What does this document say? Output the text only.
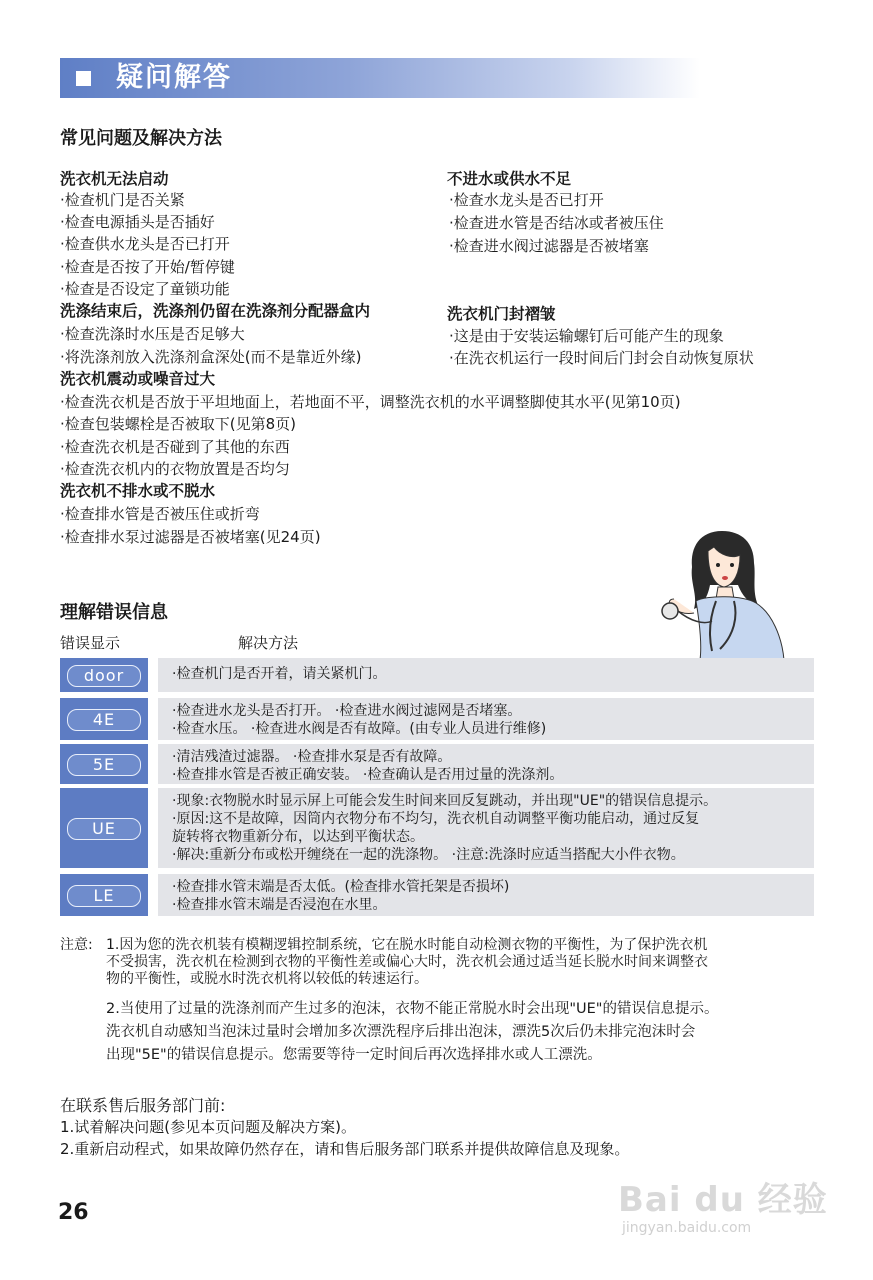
疑问解答
常见问题及解决方法
洗衣机无法启动
·检查机门是否关紧
·检查电源插头是否插好
·检查供水龙头是否已打开
·检查是否按了开始/暂停键
·检查是否设定了童锁功能
洗涤结束后，洗涤剂仍留在洗涤剂分配器盒内
·检查洗涤时水压是否足够大
·将洗涤剂放入洗涤剂盒深处(而不是靠近外缘)
洗衣机震动或噪音过大
·检查洗衣机是否放于平坦地面上，若地面不平，调整洗衣机的水平调整脚使其水平(见第10页)
·检查包装螺栓是否被取下(见第8页)
·检查洗衣机是否碰到了其他的东西
·检查洗衣机内的衣物放置是否均匀
洗衣机不排水或不脱水
·检查排水管是否被压住或折弯
·检查排水泵过滤器是否被堵塞(见24页)
不进水或供水不足
·检查水龙头是否已打开
·检查进水管是否结冰或者被压住
·检查进水阀过滤器是否被堵塞
洗衣机门封褶皱
·这是由于安装运输螺钉后可能产生的现象
·在洗衣机运行一段时间后门封会自动恢复原状
理解错误信息
错误显示	解决方法
door	·检查机门是否开着，请关紧机门。
4E	·检查进水龙头是否打开。 ·检查进水阀过滤网是否堵塞。
·检查水压。 ·检查进水阀是否有故障。(由专业人员进行维修)
5E	·清洁残渣过滤器。 ·检查排水泵是否有故障。
·检查排水管是否被正确安装。 ·检查确认是否用过量的洗涤剂。
UE
·现象:衣物脱水时显示屏上可能会发生时间来回反复跳动，并出现"UE"的错误信息提示。
·原因:这不是故障，因筒内衣物分布不均匀，洗衣机自动调整平衡功能启动，通过反复
旋转将衣物重新分布，以达到平衡状态。
·解决:重新分布或松开缠绕在一起的洗涤物。 ·注意:洗涤时应适当搭配大小件衣物。
LE	·检查排水管末端是否太低。(检查排水管托架是否损坏)
·检查排水管末端是否浸泡在水里。
注意: 1.因为您的洗衣机装有模糊逻辑控制系统，它在脱水时能自动检测衣物的平衡性，为了保护洗衣机
不受损害，洗衣机在检测到衣物的平衡性差或偏心大时，洗衣机会通过适当延长脱水时间来调整衣
物的平衡性，或脱水时洗衣机将以较低的转速运行。
2.当使用了过量的洗涤剂而产生过多的泡沫，衣物不能正常脱水时会出现"UE"的错误信息提示。
洗衣机自动感知当泡沫过量时会增加多次漂洗程序后排出泡沫，漂洗5次后仍未排完泡沫时会
出现"5E"的错误信息提示。您需要等待一定时间后再次选择排水或人工漂洗。
在联系售后服务部门前:
1.试着解决问题(参见本页问题及解决方案)。
2.重新启动程式，如果故障仍然存在，请和售后服务部门联系并提供故障信息及现象。
26	Bai du 经验
jingyan.baidu.com
